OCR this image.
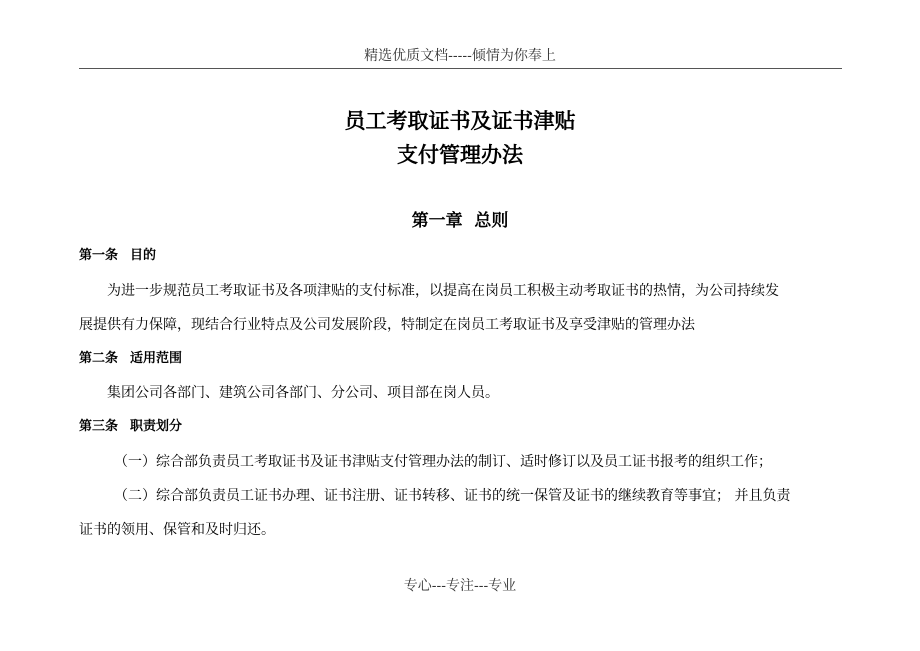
精选优质文档-----倾情为你奉上
员工考取证书及证书津贴
支付管理办法
第一章 总则
第一条 目的
为进一步规范员工考取证书及各项津贴的支付标准，以提高在岗员工积极主动考取证书的热情，为公司持续发
展提供有力保障，现结合行业特点及公司发展阶段，特制定在岗员工考取证书及享受津贴的管理办法
第二条 适用范围
集团公司各部门、建筑公司各部门、分公司、项目部在岗人员。
第三条 职责划分
（一）综合部负责员工考取证书及证书津贴支付管理办法的制订、适时修订以及员工证书报考的组织工作；
（二）综合部负责员工证书办理、证书注册、证书转移、证书的统一保管及证书的继续教育等事宜； 并且负责
证书的领用、保管和及时归还。
专心---专注---专业
